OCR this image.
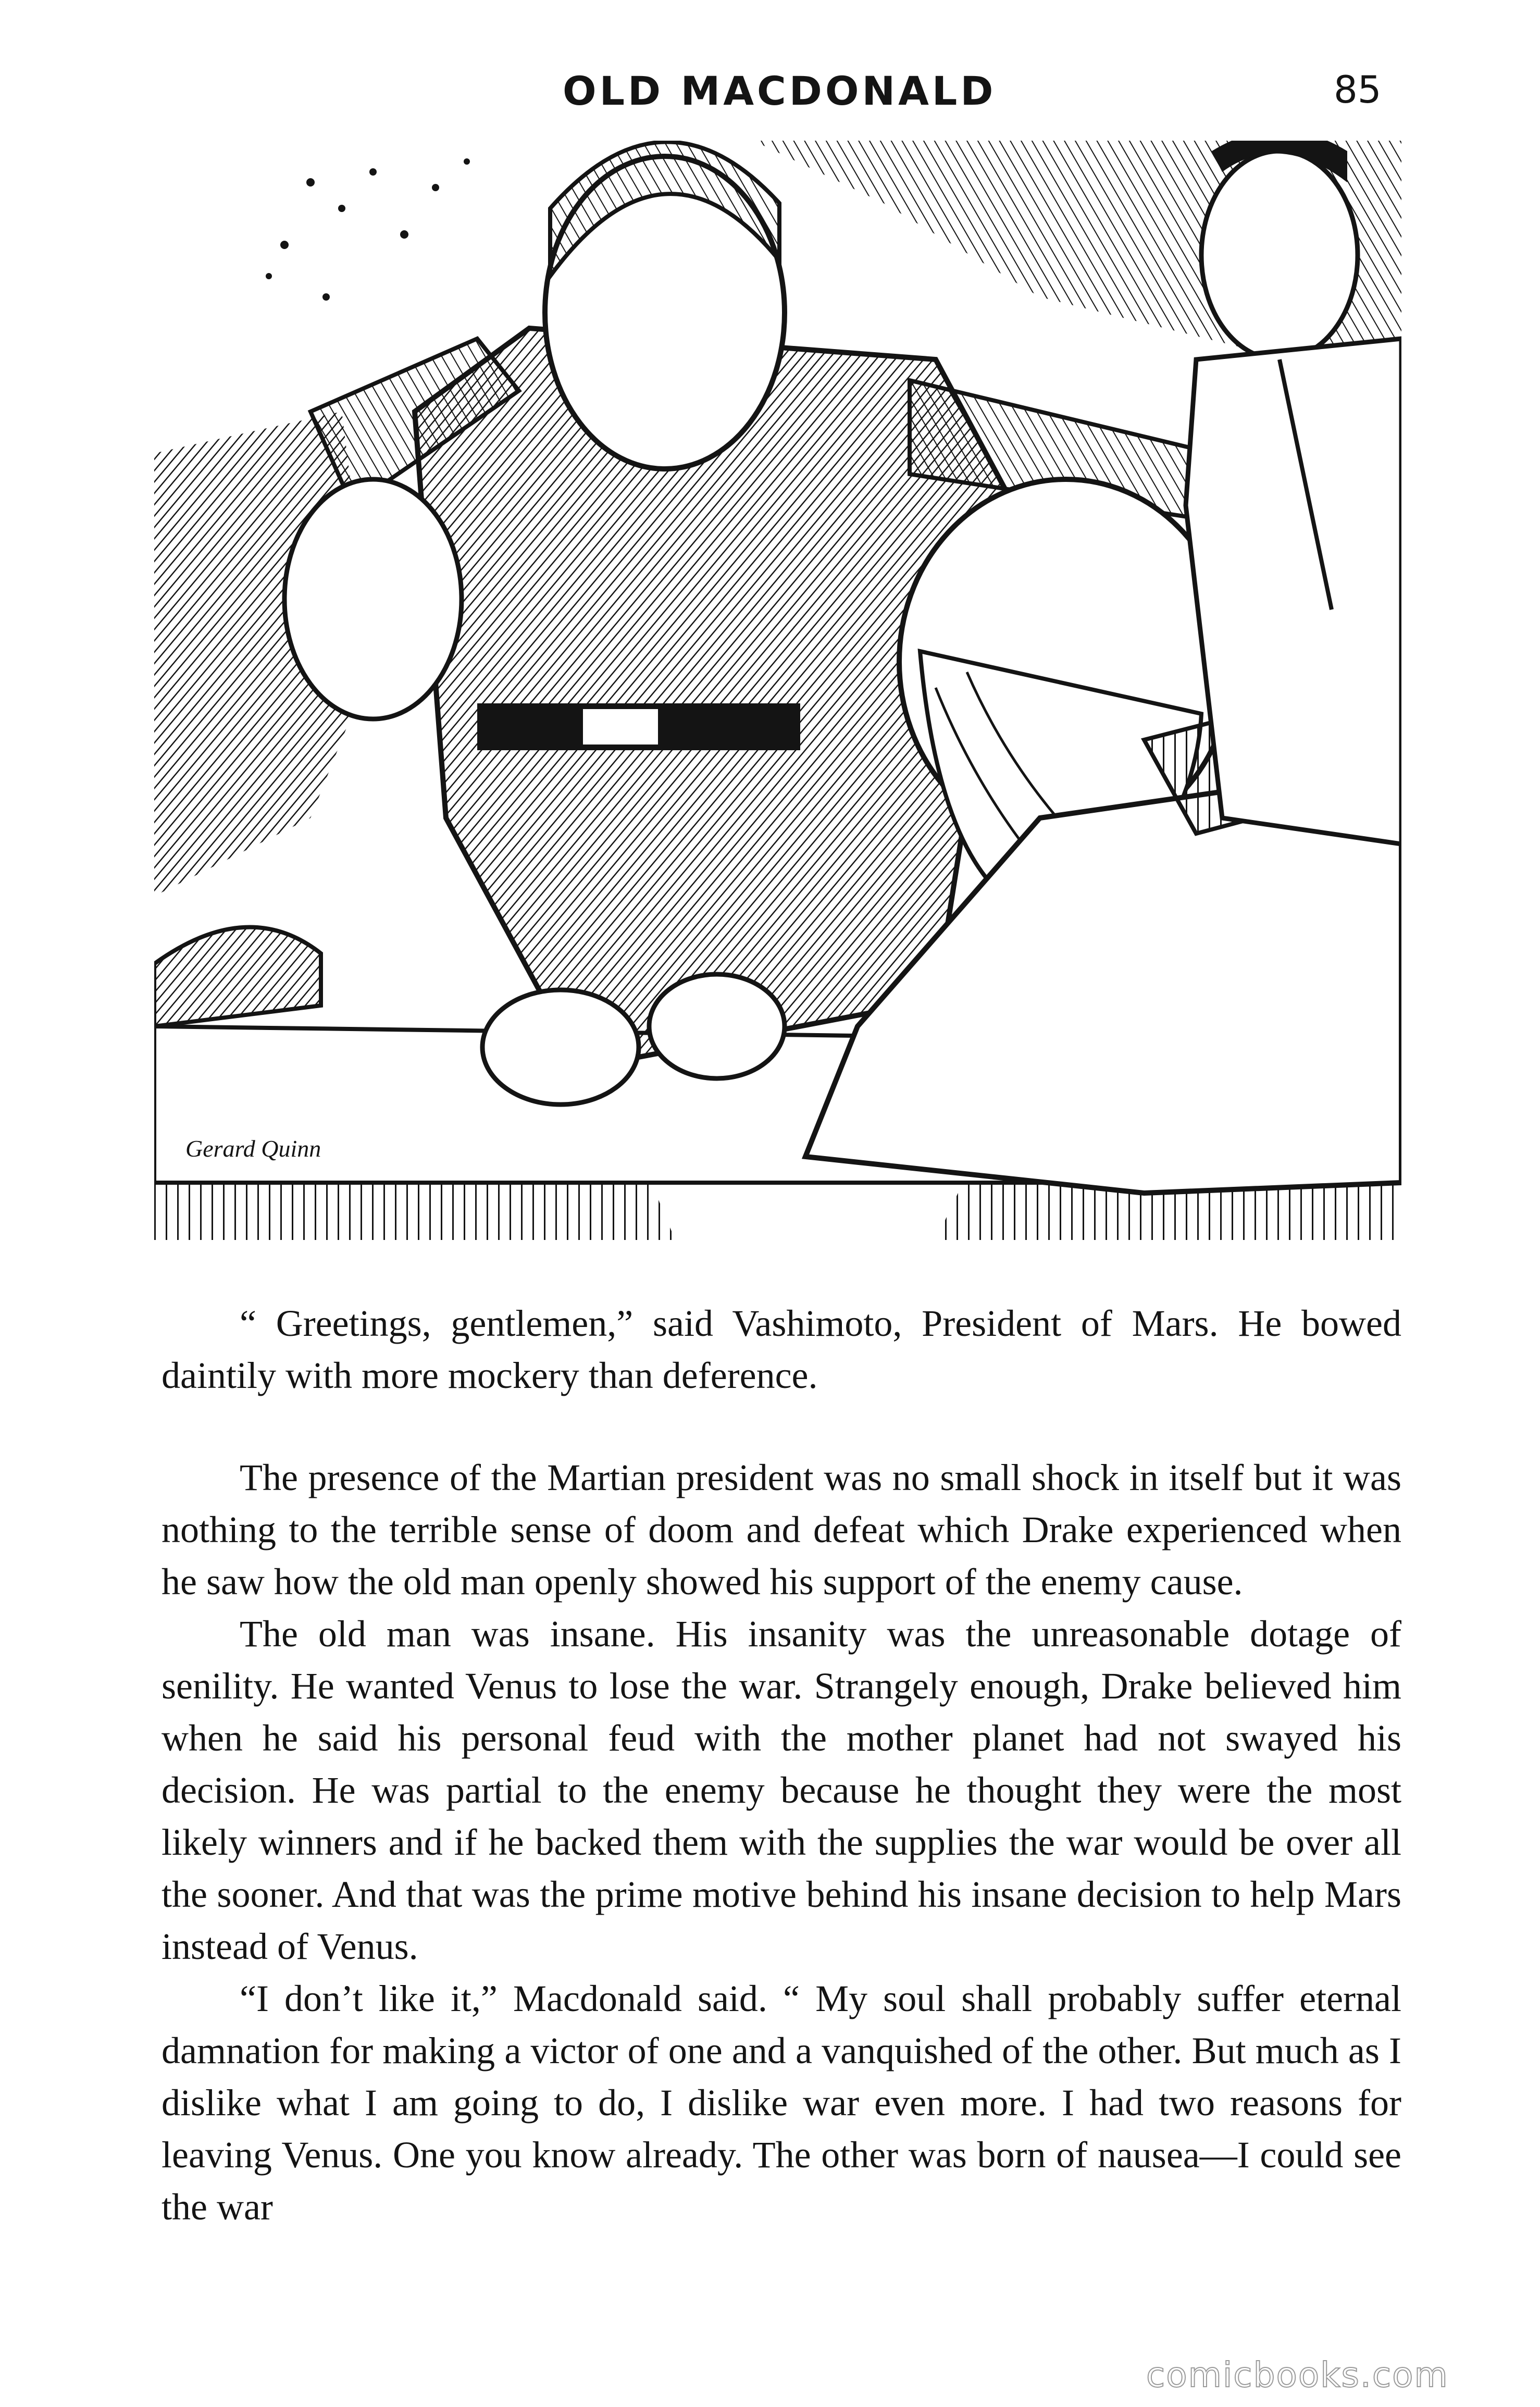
OLD MACDONALD	85
Gerard Quinn

“ Greetings, gentlemen,” said Vashimoto, President of Mars. He bowed daintily with more mockery than deference.

The presence of the Martian president was no small shock in itself but it was nothing to the terrible sense of doom and defeat which Drake experienced when he saw how the old man openly showed his support of the enemy cause.

The old man was insane. His insanity was the unreasonable dotage of senility. He wanted Venus to lose the war. Strangely enough, Drake believed him when he said his personal feud with the mother planet had not swayed his decision. He was partial to the enemy because he thought they were the most likely winners and if he backed them with the supplies the war would be over all the sooner. And that was the prime motive behind his insane decision to help Mars instead of Venus.

“I don’t like it,” Macdonald said. “ My soul shall probably suffer eternal damnation for making a victor of one and a vanquished of the other. But much as I dislike what I am going to do, I dislike war even more. I had two reasons for leaving Venus. One you know already. The other was born of nausea—I could see the war

comicbooks.com
